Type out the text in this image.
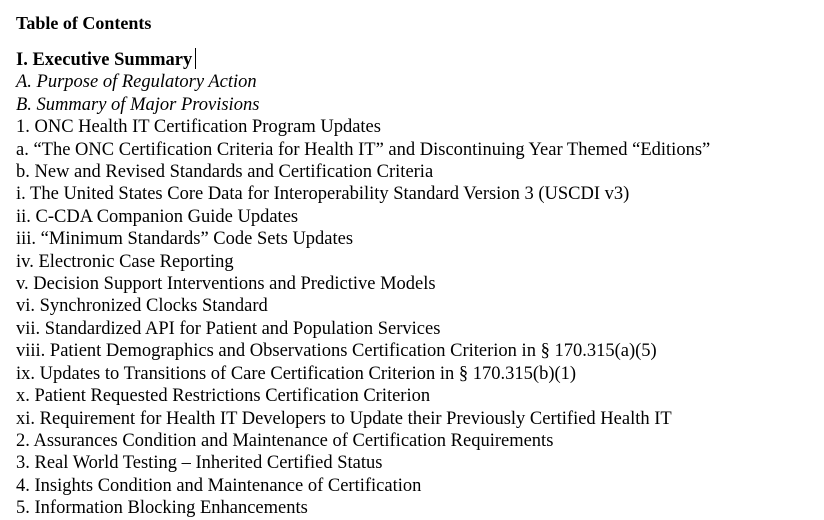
Table of Contents
I. Executive Summary
A. Purpose of Regulatory Action
B. Summary of Major Provisions
1. ONC Health IT Certification Program Updates
a. “The ONC Certification Criteria for Health IT” and Discontinuing Year Themed “Editions”
b. New and Revised Standards and Certification Criteria
i. The United States Core Data for Interoperability Standard Version 3 (USCDI v3)
ii. C-CDA Companion Guide Updates
iii. “Minimum Standards” Code Sets Updates
iv. Electronic Case Reporting
v. Decision Support Interventions and Predictive Models
vi. Synchronized Clocks Standard
vii. Standardized API for Patient and Population Services
viii. Patient Demographics and Observations Certification Criterion in § 170.315(a)(5)
ix. Updates to Transitions of Care Certification Criterion in § 170.315(b)(1)
x. Patient Requested Restrictions Certification Criterion
xi. Requirement for Health IT Developers to Update their Previously Certified Health IT
2. Assurances Condition and Maintenance of Certification Requirements
3. Real World Testing – Inherited Certified Status
4. Insights Condition and Maintenance of Certification
5. Information Blocking Enhancements
